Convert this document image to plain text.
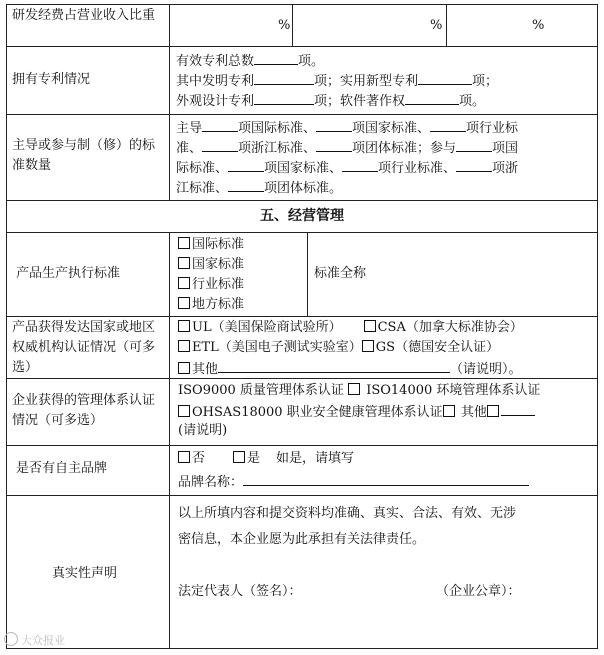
研发经费占营业收入比重
%	%	%
拥有专利情况
有效专利总数	项。
其中发明专利	项；实用新型专利	项；
外观设计专利	项；软件著作权	项。
主导或参与制（修）的标准数量
主导	项国际标准、	项国家标准、	项行业标
准、	项浙江标准、	项团体标准；参与	项国
际标准、	项国家标准、	项行业标准、	项浙
江标准、	项团体标准。
五、经营管理
产品生产执行标准
国际标准
国家标准
行业标准
地方标准
标准全称
产品获得发达国家或地区权威机构认证情况（可多选）
UL（美国保险商试验所）	CSA（加拿大标准协会）
ETL（美国电子测试实验室） GS（德国安全认证）
其他	（请说明）。
企业获得的管理体系认证情况（可多选）
ISO9000 质量管理体系认证 ISO14000 环境管理体系认证
OHSAS18000 职业安全健康管理体系认证 其他
(请说明)
是否有自主品牌
否	是 如是，请填写
品牌名称：
真实性声明
以上所填内容和提交资料均准确、真实、合法、有效、无涉
密信息，本企业愿为此承担有关法律责任。
法定代表人（签名）：	（企业公章）：
大众报业
